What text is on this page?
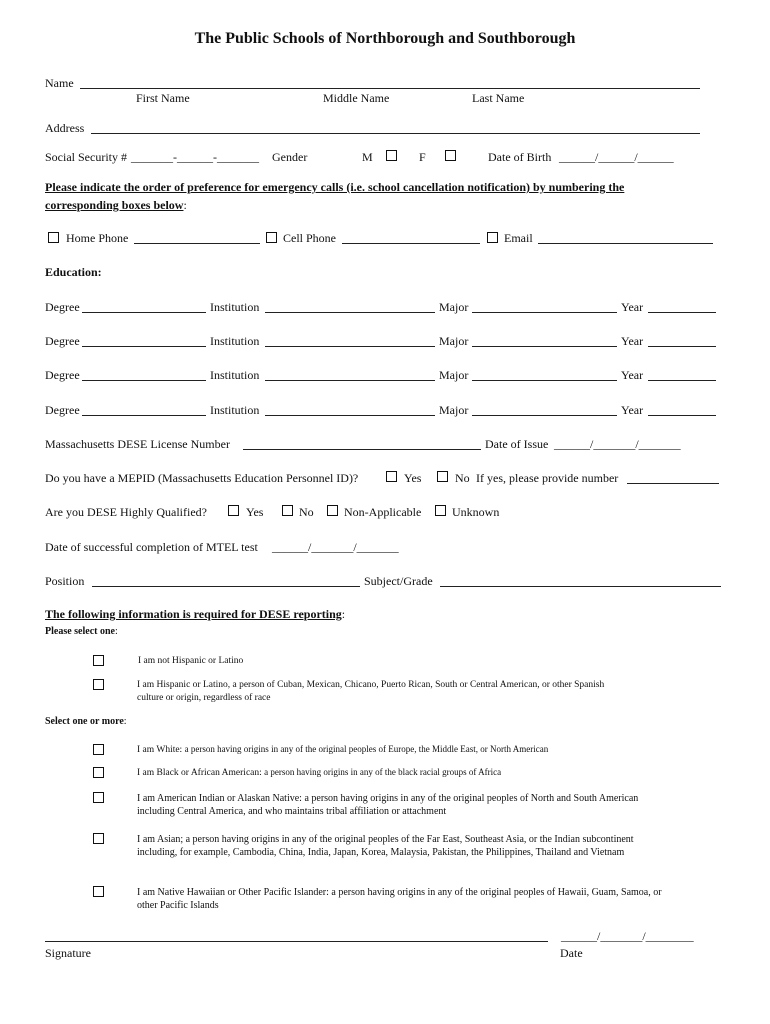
The Public Schools of Northborough and Southborough
Name
First Name	Middle Name	Last Name
Address
Social Security # _______-______-_______ Gender	M	F	Date of Birth ______/______/______
Please indicate the order of preference for emergency calls (i.e. school cancellation notification) by numbering the
corresponding boxes below:
Home Phone	Cell Phone	Email
Education:
Degree	Institution	Major	Year
Degree	Institution	Major	Year
Degree	Institution	Major	Year
Degree	Institution	Major	Year
Massachusetts DESE License Number	Date of Issue ______/_______/_______
Do you have a MEPID (Massachusetts Education Personnel ID)?	Yes	No If yes, please provide number
Are you DESE Highly Qualified?	Yes	No	Non-Applicable	Unknown
Date of successful completion of MTEL test ______/_______/_______
Position	Subject/Grade
The following information is required for DESE reporting:
Please select one:
I am not Hispanic or Latino
I am Hispanic or Latino, a person of Cuban, Mexican, Chicano, Puerto Rican, South or Central American, or other Spanish culture or origin, regardless of race
Select one or more:
I am White: a person having origins in any of the original peoples of Europe, the Middle East, or North American
I am Black or African American: a person having origins in any of the black racial groups of Africa
I am American Indian or Alaskan Native: a person having origins in any of the original peoples of North and South American including Central America, and who maintains tribal affiliation or attachment
I am Asian; a person having origins in any of the original peoples of the Far East, Southeast Asia, or the Indian subcontinent including, for example, Cambodia, China, India, Japan, Korea, Malaysia, Pakistan, the Philippines, Thailand and Vietnam
I am Native Hawaiian or Other Pacific Islander: a person having origins in any of the original peoples of Hawaii, Guam, Samoa, or other Pacific Islands
Signature
______/_______/________
Date
